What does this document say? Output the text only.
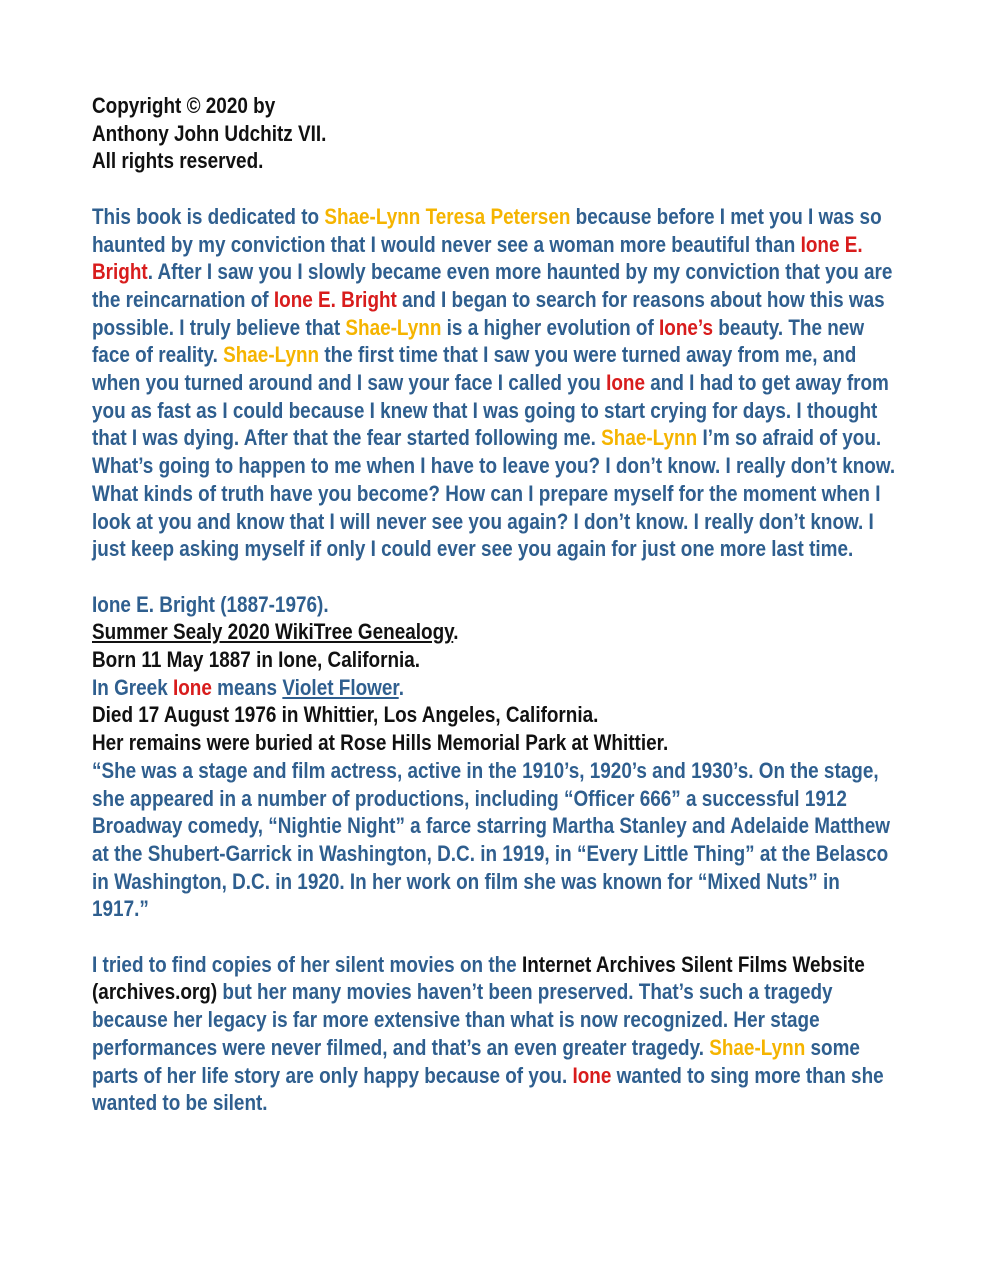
Copyright © 2020 by
Anthony John Udchitz VII.
All rights reserved.

This book is dedicated to Shae-Lynn Teresa Petersen because before I met you I was so haunted by my conviction that I would never see a woman more beautiful than Ione E. Bright. After I saw you I slowly became even more haunted by my conviction that you are the reincarnation of Ione E. Bright and I began to search for reasons about how this was possible. I truly believe that Shae-Lynn is a higher evolution of Ione’s beauty. The new face of reality. Shae-Lynn the first time that I saw you were turned away from me, and when you turned around and I saw your face I called you Ione and I had to get away from you as fast as I could because I knew that I was going to start crying for days. I thought that I was dying. After that the fear started following me. Shae-Lynn I’m so afraid of you. What’s going to happen to me when I have to leave you? I don’t know. I really don’t know. What kinds of truth have you become? How can I prepare myself for the moment when I look at you and know that I will never see you again? I don’t know. I really don’t know. I just keep asking myself if only I could ever see you again for just one more last time.

Ione E. Bright (1887-1976).
Summer Sealy 2020 WikiTree Genealogy.
Born 11 May 1887 in Ione, California.
In Greek Ione means Violet Flower.
Died 17 August 1976 in Whittier, Los Angeles, California.
Her remains were buried at Rose Hills Memorial Park at Whittier.
“She was a stage and film actress, active in the 1910’s, 1920’s and 1930’s. On the stage, she appeared in a number of productions, including “Officer 666” a successful 1912 Broadway comedy, “Nightie Night” a farce starring Martha Stanley and Adelaide Matthew at the Shubert-Garrick in Washington, D.C. in 1919, in “Every Little Thing” at the Belasco in Washington, D.C. in 1920. In her work on film she was known for “Mixed Nuts” in 1917.”

I tried to find copies of her silent movies on the Internet Archives Silent Films Website (archives.org) but her many movies haven’t been preserved. That’s such a tragedy because her legacy is far more extensive than what is now recognized. Her stage performances were never filmed, and that’s an even greater tragedy. Shae-Lynn some parts of her life story are only happy because of you. Ione wanted to sing more than she wanted to be silent.
